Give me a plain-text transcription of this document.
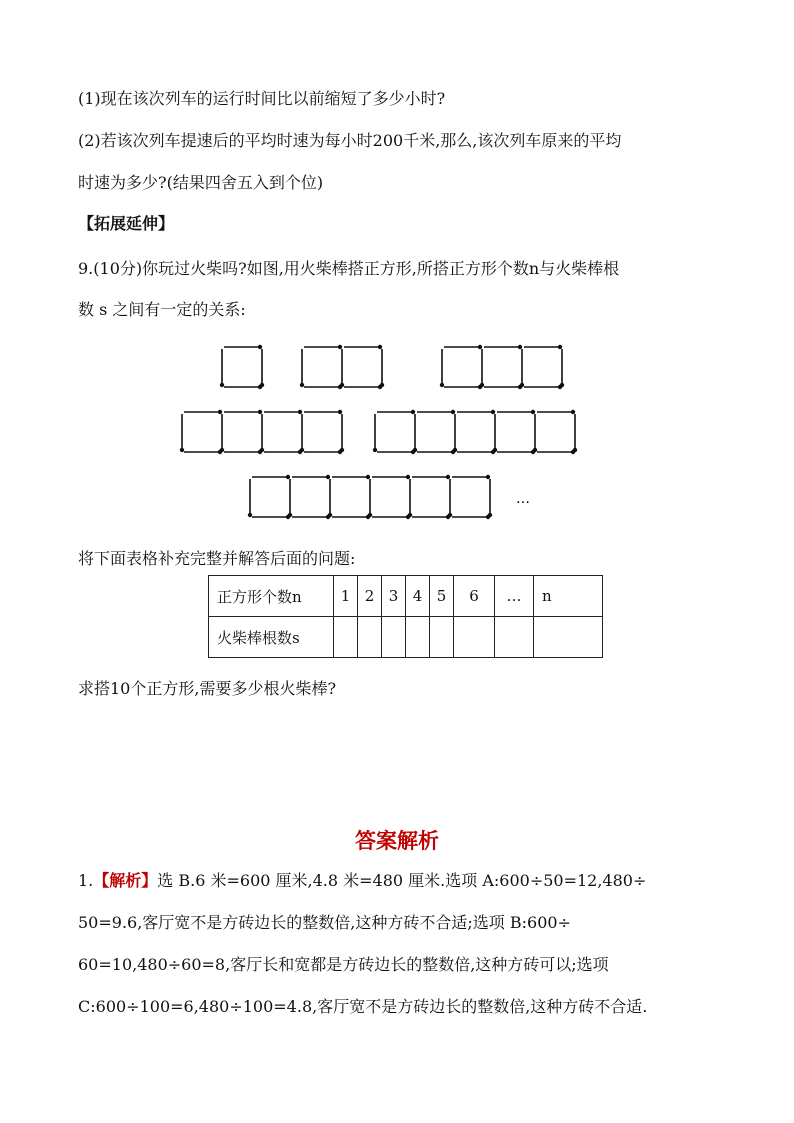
(1)现在该次列车的运行时间比以前缩短了多少小时?
(2)若该次列车提速后的平均时速为每小时200千米,那么,该次列车原来的平均
时速为多少?(结果四舍五入到个位)
【拓展延伸】
9.(10分)你玩过火柴吗?如图,用火柴棒搭正方形,所搭正方形个数n与火柴棒根
数 s 之间有一定的关系:
…
将下面表格补充完整并解答后面的问题:
正方形个数n	1	2	3	4	5	6	…	n
火柴棒根数s								
求搭10个正方形,需要多少根火柴棒?
答案解析
1.【解析】选 B.6 米=600 厘米,4.8 米=480 厘米.选项 A:600÷50=12,480÷
50=9.6,客厅宽不是方砖边长的整数倍,这种方砖不合适;选项 B:600÷
60=10,480÷60=8,客厅长和宽都是方砖边长的整数倍,这种方砖可以;选项
C:600÷100=6,480÷100=4.8,客厅宽不是方砖边长的整数倍,这种方砖不合适.
